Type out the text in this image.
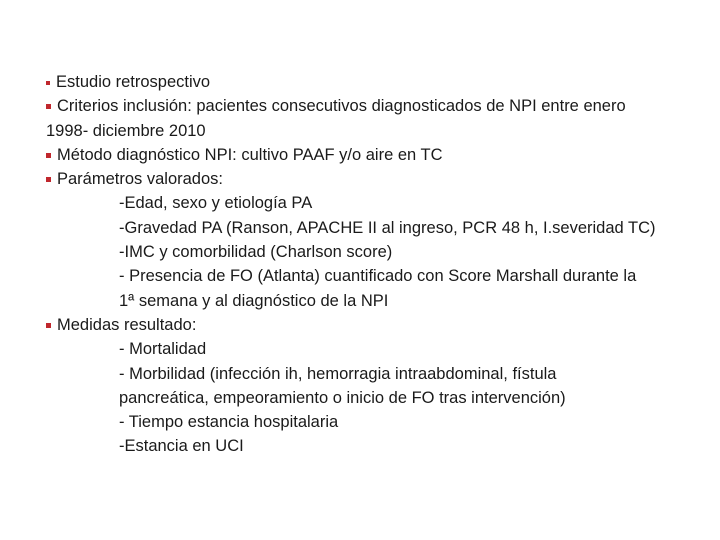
Estudio retrospectivo
Criterios inclusión: pacientes consecutivos diagnosticados de NPI entre enero
1998- diciembre 2010
Método diagnóstico NPI: cultivo PAAF y/o aire en TC
Parámetros valorados:
-Edad, sexo y etiología PA
-Gravedad PA (Ranson, APACHE II al ingreso, PCR 48 h, I.severidad TC)
-IMC y comorbilidad (Charlson score)
- Presencia de FO (Atlanta) cuantificado con Score Marshall durante la
1ª semana y al diagnóstico de la NPI
Medidas resultado:
- Mortalidad
- Morbilidad (infección ih, hemorragia intraabdominal, fístula
pancreática, empeoramiento o inicio de FO tras intervención)
- Tiempo estancia hospitalaria
-Estancia en UCI
